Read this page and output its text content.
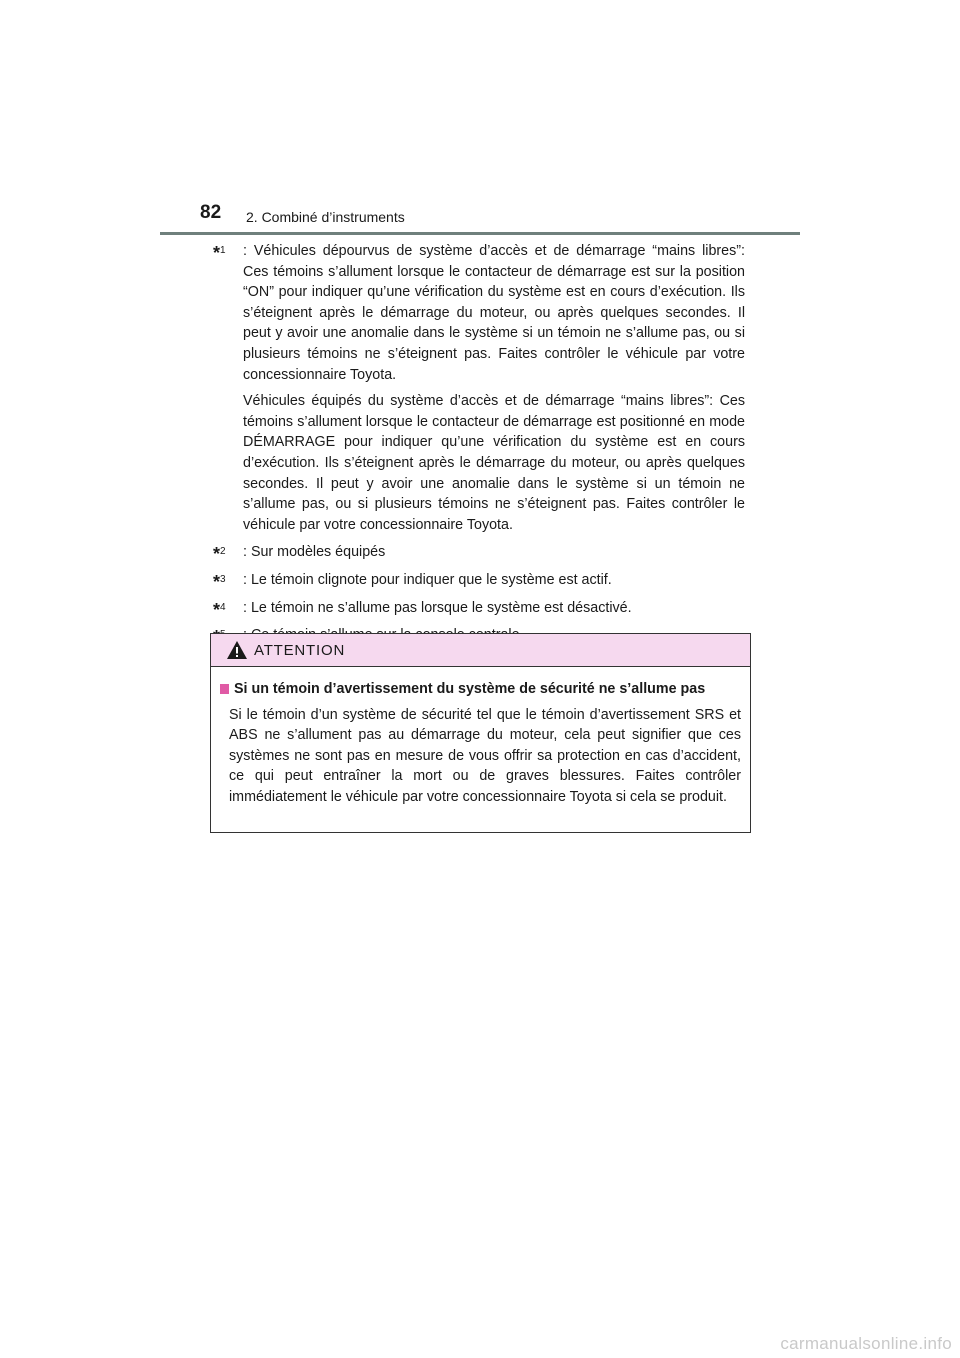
82 2. Combiné d’instruments
*$^1$ : Véhicules dépourvus de système d’accès et de démarrage “mains libres”: Ces témoins s’allument lorsque le contacteur de démarrage est sur la position “ON” pour indiquer qu’une vérification du système est en cours d’exécution. Ils s’éteignent après le démarrage du moteur, ou après quelques secondes. Il peut y avoir une anomalie dans le système si un témoin ne s’allume pas, ou si plusieurs témoins ne s’éteignent pas. Faites contrôler le véhicule par votre concessionnaire Toyota.

Véhicules équipés du système d’accès et de démarrage “mains libres”: Ces témoins s’allument lorsque le contacteur de démarrage est positionné en mode DÉMARRAGE pour indiquer qu’une vérification du système est en cours d’exécution. Ils s’éteignent après le démarrage du moteur, ou après quelques secondes. Il peut y avoir une anomalie dans le système si un témoin ne s’allume pas, ou si plusieurs témoins ne s’éteignent pas. Faites contrôler le véhicule par votre concessionnaire Toyota.

*$^2$ : Sur modèles équipés

*$^3$ : Le témoin clignote pour indiquer que le système est actif.

*$^4$ : Le témoin ne s’allume pas lorsque le système est désactivé.

ATTENTION

Si un témoin d’avertissement du système de sécurité ne s’allume pas

Si le témoin d’un système de sécurité tel que le témoin d’avertissement SRS et ABS ne s’allument pas au démarrage du moteur, cela peut signifier que ces systèmes ne sont pas en mesure de vous offrir sa protection en cas d’accident, ce qui peut entraîner la mort ou de graves blessures. Faites contrôler immédiatement le véhicule par votre concessionnaire Toyota si cela se produit.

carmanualsonline.info
